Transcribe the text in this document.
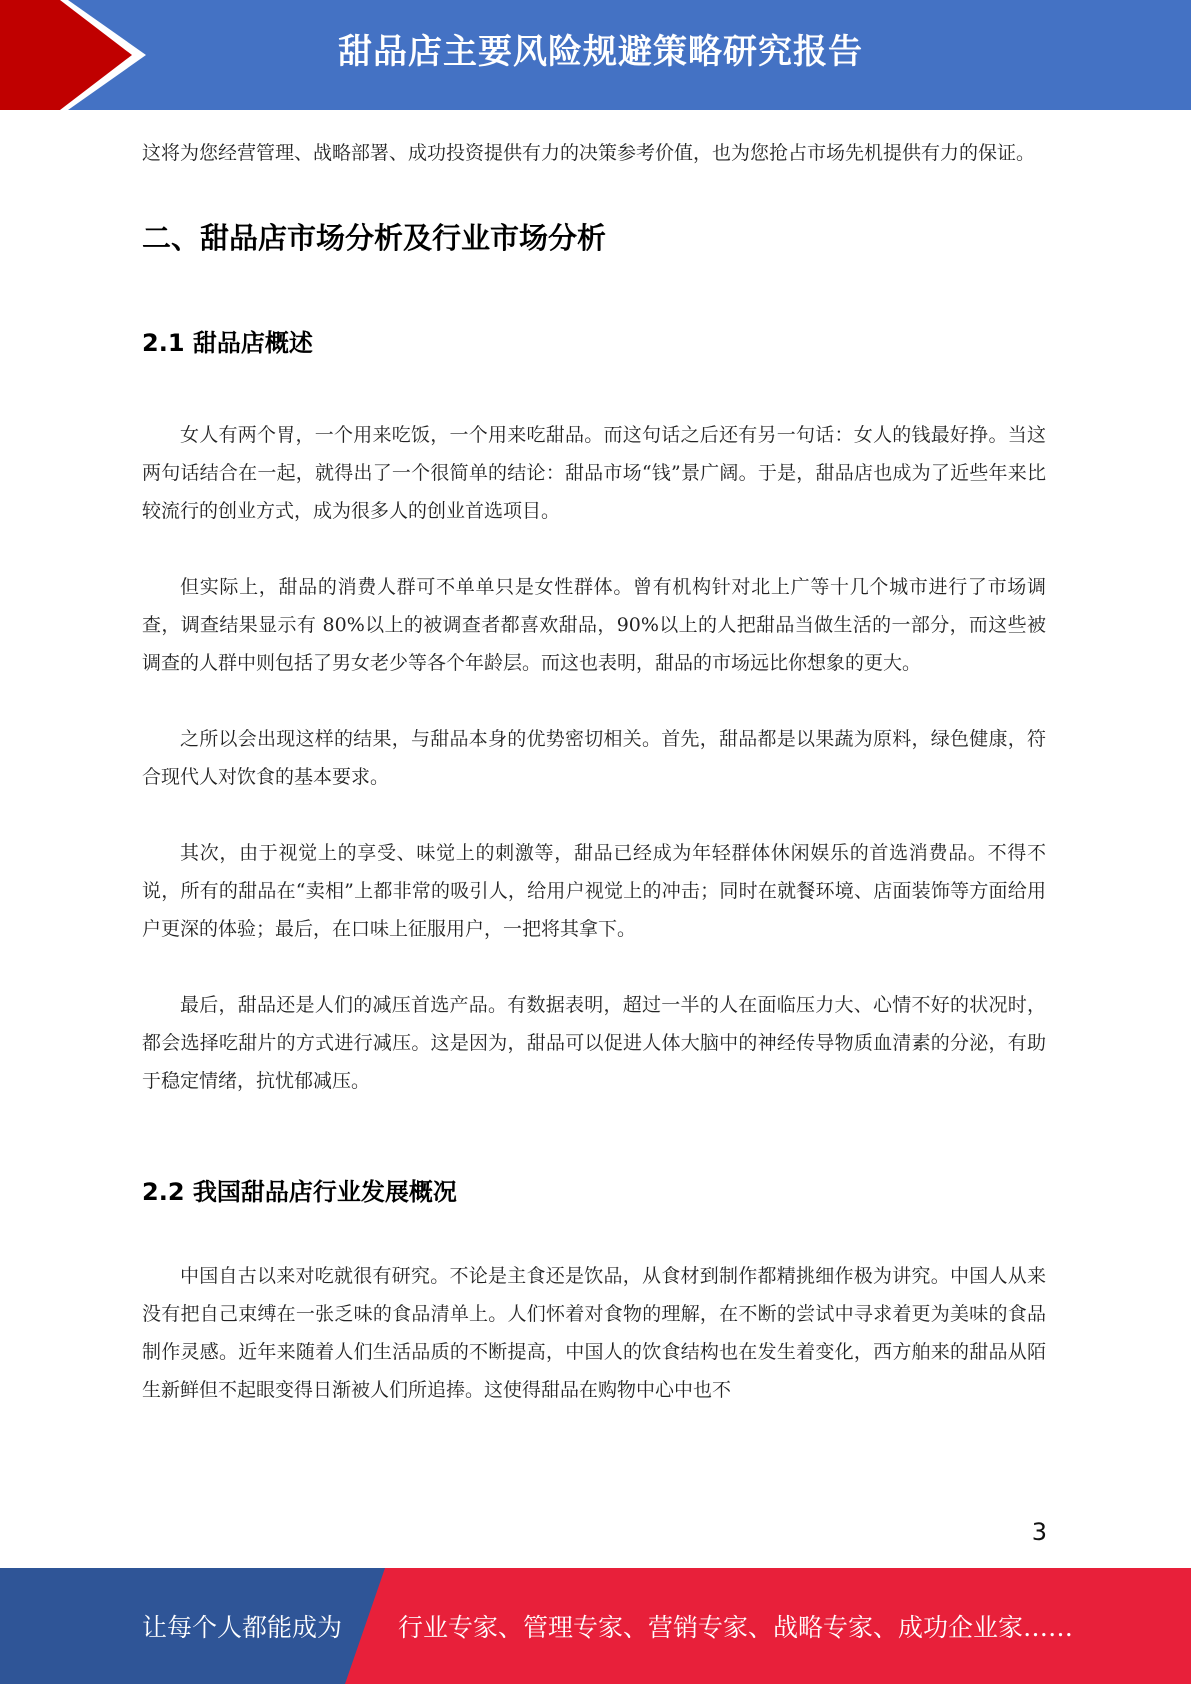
甜品店主要风险规避策略研究报告

这将为您经营管理、战略部署、成功投资提供有力的决策参考价值，也为您抢占市场先机提供有力的保证。

二、甜品店市场分析及行业市场分析
2.1 甜品店概述

女人有两个胃，一个用来吃饭，一个用来吃甜品。而这句话之后还有另一句话：女人的钱最好挣。当这两句话结合在一起，就得出了一个很简单的结论：甜品市场“钱”景广阔。于是，甜品店也成为了近些年来比较流行的创业方式，成为很多人的创业首选项目。

但实际上，甜品的消费人群可不单单只是女性群体。曾有机构针对北上广等十几个城市进行了市场调查，调查结果显示有 80%以上的被调查者都喜欢甜品，90%以上的人把甜品当做生活的一部分，而这些被调查的人群中则包括了男女老少等各个年龄层。而这也表明，甜品的市场远比你想象的更大。

之所以会出现这样的结果，与甜品本身的优势密切相关。首先，甜品都是以果蔬为原料，绿色健康，符合现代人对饮食的基本要求。

其次，由于视觉上的享受、味觉上的刺激等，甜品已经成为年轻群体休闲娱乐的首选消费品。不得不说，所有的甜品在“卖相”上都非常的吸引人，给用户视觉上的冲击；同时在就餐环境、店面装饰等方面给用户更深的体验；最后，在口味上征服用户，一把将其拿下。

最后，甜品还是人们的减压首选产品。有数据表明，超过一半的人在面临压力大、心情不好的状况时，都会选择吃甜片的方式进行减压。这是因为，甜品可以促进人体大脑中的神经传导物质血清素的分泌，有助于稳定情绪，抗忧郁减压。

2.2 我国甜品店行业发展概况

中国自古以来对吃就很有研究。不论是主食还是饮品，从食材到制作都精挑细作极为讲究。中国人从来没有把自己束缚在一张乏味的食品清单上。人们怀着对食物的理解，在不断的尝试中寻求着更为美味的食品制作灵感。近年来随着人们生活品质的不断提高，中国人的饮食结构也在发生着变化，西方舶来的甜品从陌生新鲜但不起眼变得日渐被人们所追捧。这使得甜品在购物中心中也不

3
让每个人都能成为 行业专家、管理专家、营销专家、战略专家、成功企业家……
